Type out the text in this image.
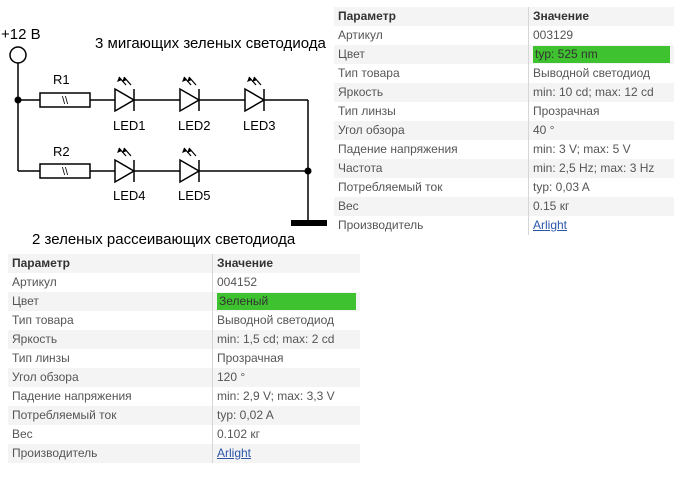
+12 B
\\
R1
\\
R2
LED1 LED2 LED3
LED4 LED5
3 мигающих зеленых светодиода
2 зеленых рассеивающих светодиода
Параметр	Значение
Артикул	003129
Цвет	typ: 525 nm

Тип товара	Выводной светодиод
Яркость	min: 10 cd; max: 12 cd
Тип линзы	Прозрачная
Угол обзора	40 °
Падение напряжения	min: 3 V; max: 5 V
Частота	min: 2,5 Hz; max: 3 Hz
Потребляемый ток	typ: 0,03 A
Вес	0.15 кг
Производитель	Arlight
Параметр	Значение
Артикул	004152
Цвет	Зеленый

Тип товара	Выводной светодиод
Яркость	min: 1,5 cd; max: 2 cd
Тип линзы	Прозрачная
Угол обзора	120 °
Падение напряжения	min: 2,9 V; max: 3,3 V
Потребляемый ток	typ: 0,02 A
Вес	0.102 кг
Производитель	Arlight
